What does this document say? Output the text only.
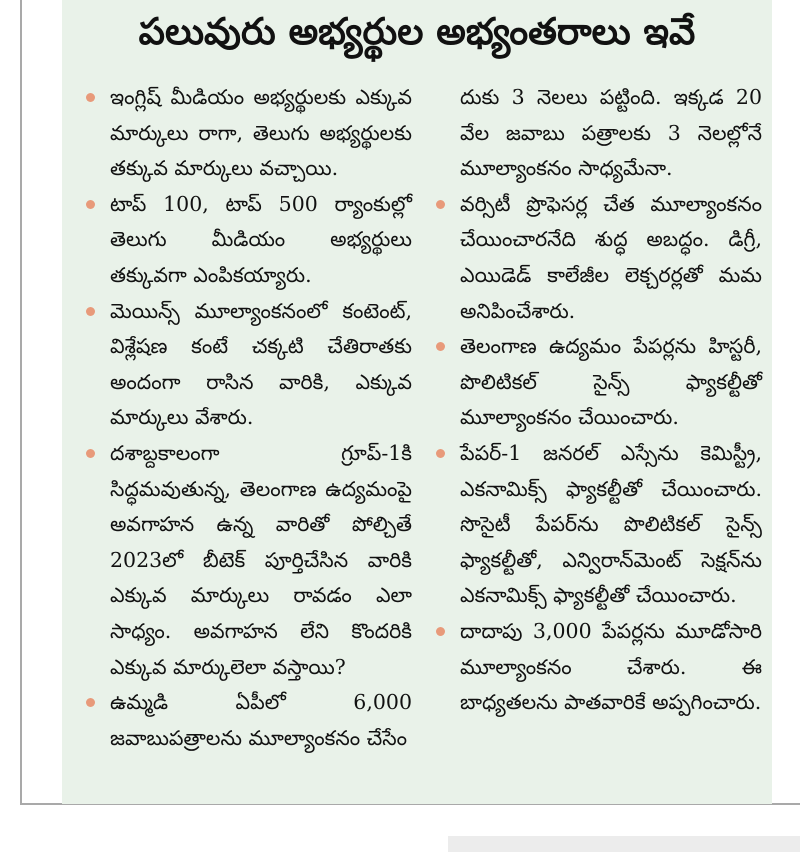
పలువురు అభ్యర్థుల అభ్యంతరాలు ఇవే
ఇంగ్లిష్ మీడియం అభ్యర్థులకు ఎక్కువ మార్కులు రాగా, తెలుగు అభ్యర్థులకు తక్కువ మార్కులు వచ్చాయి.
టాప్ 100, టాప్ 500 ర్యాంకుల్లో తెలుగు మీడియం అభ్యర్థులు తక్కువగా ఎంపికయ్యారు.
మెయిన్స్ మూల్యాంకనంలో కంటెంట్, విశ్లేషణ కంటే చక్కటి చేతిరాతకు అందంగా రాసిన వారికి, ఎక్కువ మార్కులు వేశారు.
దశాబ్దకాలంగా గ్రూప్-1కి సిద్ధమవుతున్న, తెలంగాణ ఉద్యమంపై అవగాహన ఉన్న వారితో పోల్చితే 2023లో బీటెక్ పూర్తిచేసిన వారికి ఎక్కువ మార్కులు రావడం ఎలా సాధ్యం. అవగాహన లేని కొందరికి ఎక్కువ మార్కులెలా వస్తాయి?
ఉమ్మడి ఏపీలో 6,000 జవాబుపత్రాలను మూల్యాంకనం చేసేం
దుకు 3 నెలలు పట్టింది. ఇక్కడ 20 వేల జవాబు పత్రాలకు 3 నెలల్లోనే మూల్యాంకనం సాధ్యమేనా.
వర్సిటీ ప్రొఫెసర్ల చేత మూల్యాంకనం చేయించారనేది శుద్ధ అబద్ధం. డిగ్రీ, ఎయిడెడ్ కాలేజీల లెక్చరర్లతో మమ అనిపించేశారు.
తెలంగాణ ఉద్యమం పేపర్లను హిస్టరీ, పొలిటికల్ సైన్స్ ఫ్యాకల్టీతో మూల్యాంకనం చేయించారు.
పేపర్-1 జనరల్ ఎస్సేను కెమిస్ట్రీ, ఎకనామిక్స్ ఫ్యాకల్టీతో చేయించారు. సొసైటీ పేపర్‌ను పొలిటికల్ సైన్స్ ఫ్యాకల్టీతో, ఎన్విరాన్‌మెంట్ సెక్షన్‌ను ఎకనామిక్స్ ఫ్యాకల్టీతో చేయించారు.
దాదాపు 3,000 పేపర్లను మూడోసారి మూల్యాంకనం చేశారు. ఈ బాధ్యతలను పాతవారికే అప్పగించారు.
